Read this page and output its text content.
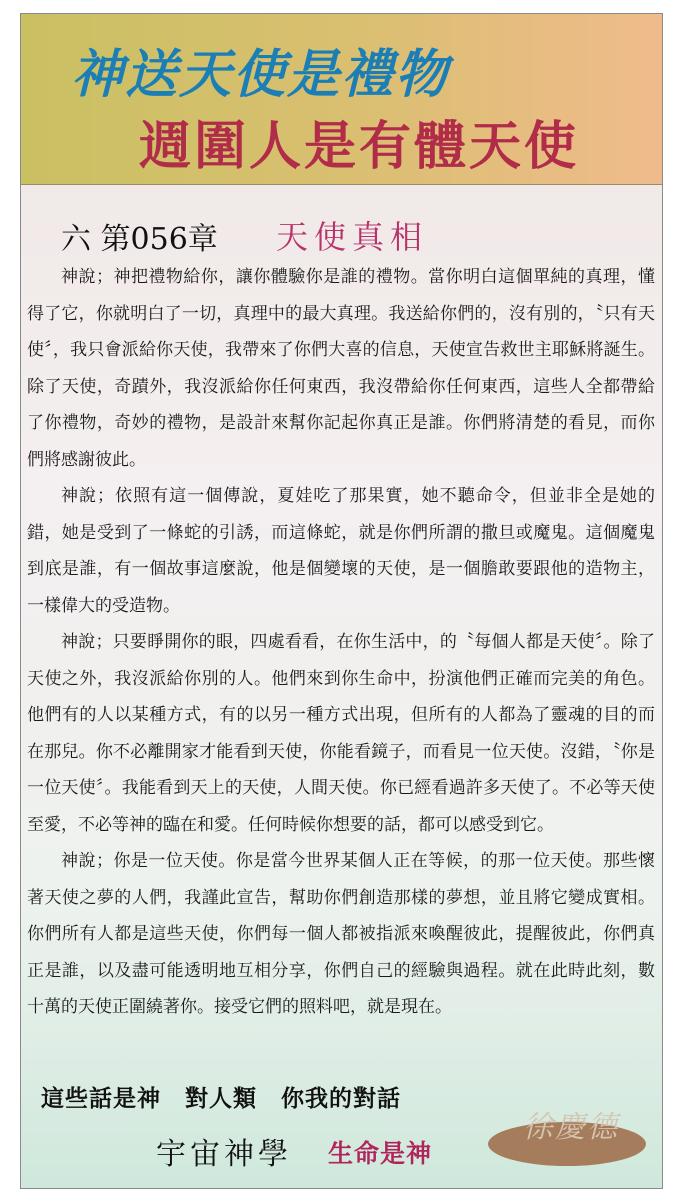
神送天使是禮物
週圍人是有體天使
六 第056章 天使真相

神說；神把禮物給你，讓你體驗你是誰的禮物。當你明白這個單純的真理，懂得了它，你就明白了一切，真理中的最大真理。我送給你們的，沒有別的，〝只有天使〞，我只會派給你天使，我帶來了你們大喜的信息，天使宣告救世主耶穌將誕生。除了天使，奇蹟外，我沒派給你任何東西，我沒帶給你任何東西，這些人全都帶給了你禮物，奇妙的禮物，是設計來幫你記起你真正是誰。你們將清楚的看見，而你們將感謝彼此。

神說；依照有這一個傳說，夏娃吃了那果實，她不聽命令，但並非全是她的錯，她是受到了一條蛇的引誘，而這條蛇，就是你們所謂的撒旦或魔鬼。這個魔鬼到底是誰，有一個故事這麼說，他是個變壞的天使，是一個膽敢要跟他的造物主，一樣偉大的受造物。

神說；只要睜開你的眼，四處看看，在你生活中，的〝每個人都是天使〞。除了天使之外，我沒派給你別的人。他們來到你生命中，扮演他們正確而完美的角色。他們有的人以某種方式，有的以另一種方式出現，但所有的人都為了靈魂的目的而在那兒。你不必離開家才能看到天使，你能看鏡子，而看見一位天使。沒錯，〝你是一位天使〞。我能看到天上的天使，人間天使。你已經看過許多天使了。不必等天使至愛，不必等神的臨在和愛。任何時候你想要的話，都可以感受到它。

神說；你是一位天使。你是當今世界某個人正在等候，的那一位天使。那些懷著天使之夢的人們，我謹此宣告，幫助你們創造那樣的夢想，並且將它變成實相。你們所有人都是這些天使，你們每一個人都被指派來喚醒彼此，提醒彼此，你們真正是誰，以及盡可能透明地互相分享，你們自己的經驗與過程。就在此時此刻，數十萬的天使正圍繞著你。接受它們的照料吧，就是現在。

這些話是神　對人類　你我的對話
宇宙神學 生命是神
徐慶德
